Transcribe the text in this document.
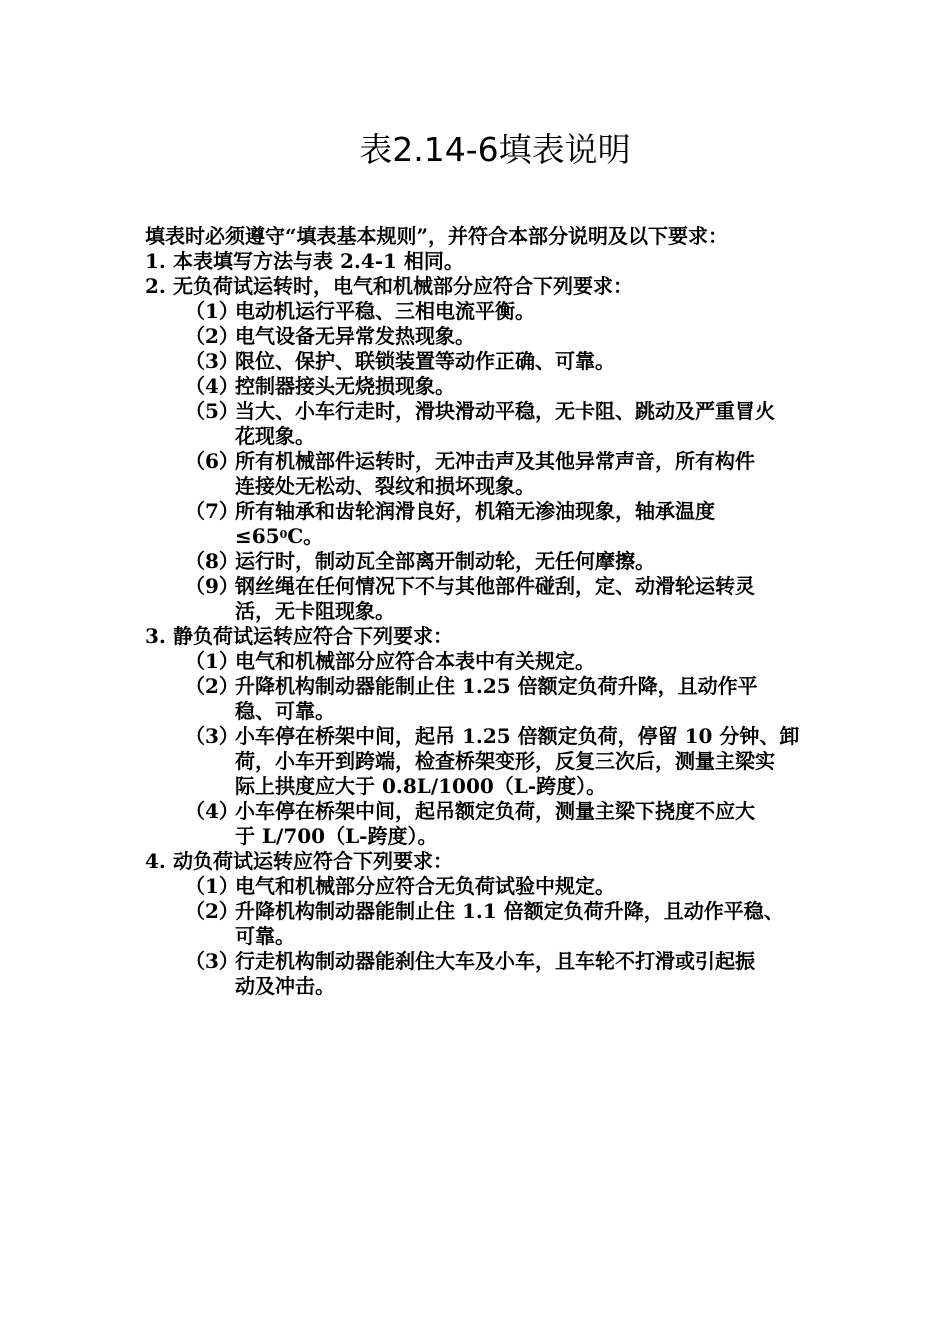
表2.14-6填表说明
填表时必须遵守“填表基本规则”，并符合本部分说明及以下要求：
1. 本表填写方法与表 2.4-1 相同。
2. 无负荷试运转时，电气和机械部分应符合下列要求：
（1）
电动机运行平稳、三相电流平衡。
（2）
电气设备无异常发热现象。
（3）
限位、保护、联锁装置等动作正确、可靠。
（4）
控制器接头无烧损现象。
（5）
当大、小车行走时，滑块滑动平稳，无卡阻、跳动及严重冒火
花现象。
（6）
所有机械部件运转时，无冲击声及其他异常声音，所有构件
连接处无松动、裂纹和损坏现象。
（7）
所有轴承和齿轮润滑良好，机箱无渗油现象，轴承温度
$\le 65^0C$。
（8）
运行时，制动瓦全部离开制动轮，无任何摩擦。
（9）
钢丝绳在任何情况下不与其他部件碰刮，定、动滑轮运转灵
活，无卡阻现象。
3. 静负荷试运转应符合下列要求：
（1）
电气和机械部分应符合本表中有关规定。
（2）
升降机构制动器能制止住 1.25 倍额定负荷升降，且动作平
稳、可靠。
（3）
小车停在桥架中间，起吊 1.25 倍额定负荷，停留 10 分钟、卸
荷，小车开到跨端，检查桥架变形，反复三次后，测量主梁实
际上拱度应大于 0.8L/1000（L-跨度）。
（4）
小车停在桥架中间，起吊额定负荷，测量主梁下挠度不应大
于 L/700（L-跨度）。
4. 动负荷试运转应符合下列要求：
（1）
电气和机械部分应符合无负荷试验中规定。
（2）
升降机构制动器能制止住 1.1 倍额定负荷升降，且动作平稳、
可靠。
（3）
行走机构制动器能刹住大车及小车，且车轮不打滑或引起振
动及冲击。
